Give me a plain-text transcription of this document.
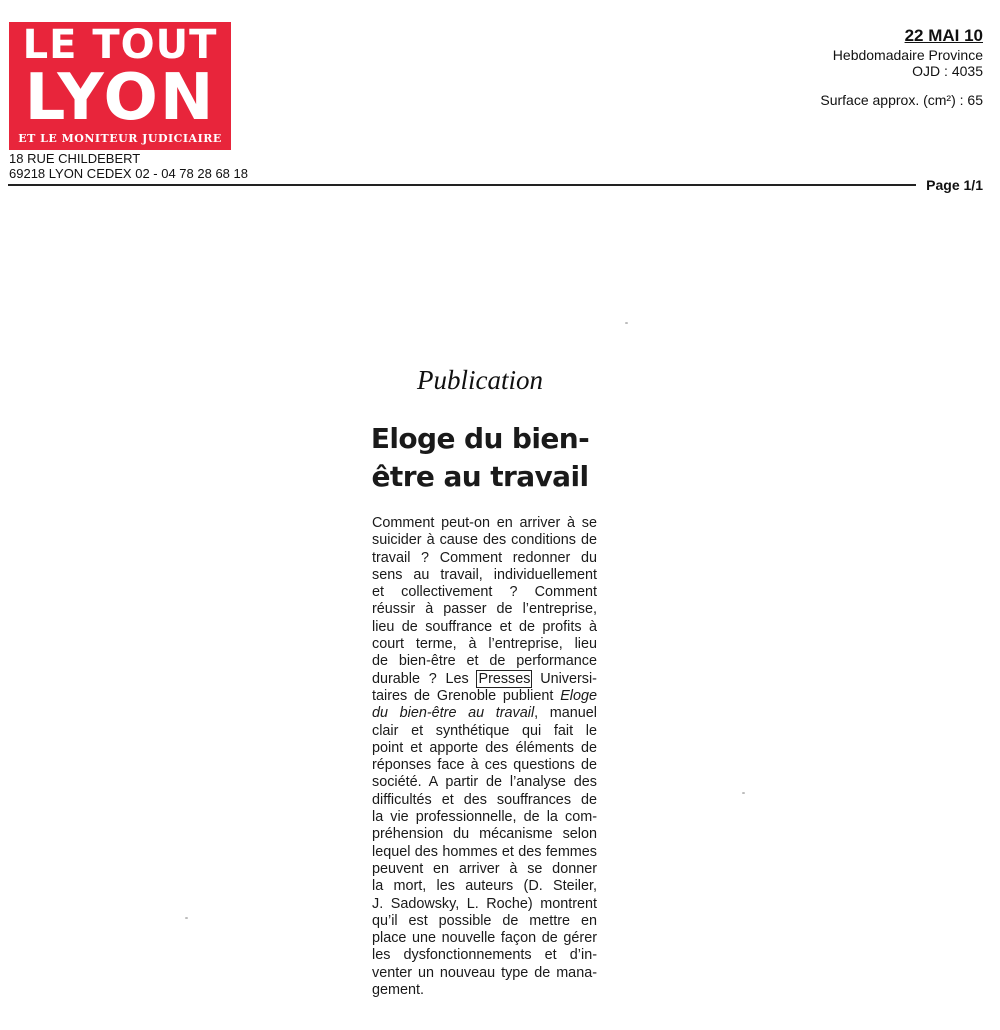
LE TOUT
LYON
ET LE MONITEUR JUDICIAIRE
18 RUE CHILDEBERT
69218 LYON CEDEX 02 - 04 78 28 68 18
22 MAI 10
Hebdomadaire Province
OJD : 4035
Surface approx. (cm²) : 65
Page 1/1
Publication
Eloge du bien-
être au travail
Comment peut-on en arriver à se
suicider à cause des conditions de
travail ? Comment redonner du
sens au travail, individuellement
et collectivement ? Comment
réussir à passer de l’entreprise,
lieu de souffrance et de profits à
court terme, à l’entreprise, lieu
de bien-être et de performance
durable ? Les Presses Universi-
taires de Grenoble publient Eloge
du bien-être au travail, manuel
clair et synthétique qui fait le
point et apporte des éléments de
réponses face à ces questions de
société. A partir de l’analyse des
difficultés et des souffrances de
la vie professionnelle, de la com-
préhension du mécanisme selon
lequel des hommes et des femmes
peuvent en arriver à se donner
la mort, les auteurs (D. Steiler,
J. Sadowsky, L. Roche) montrent
qu’il est possible de mettre en
place une nouvelle façon de gérer
les dysfonctionnements et d’in-
venter un nouveau type de mana-
gement.
